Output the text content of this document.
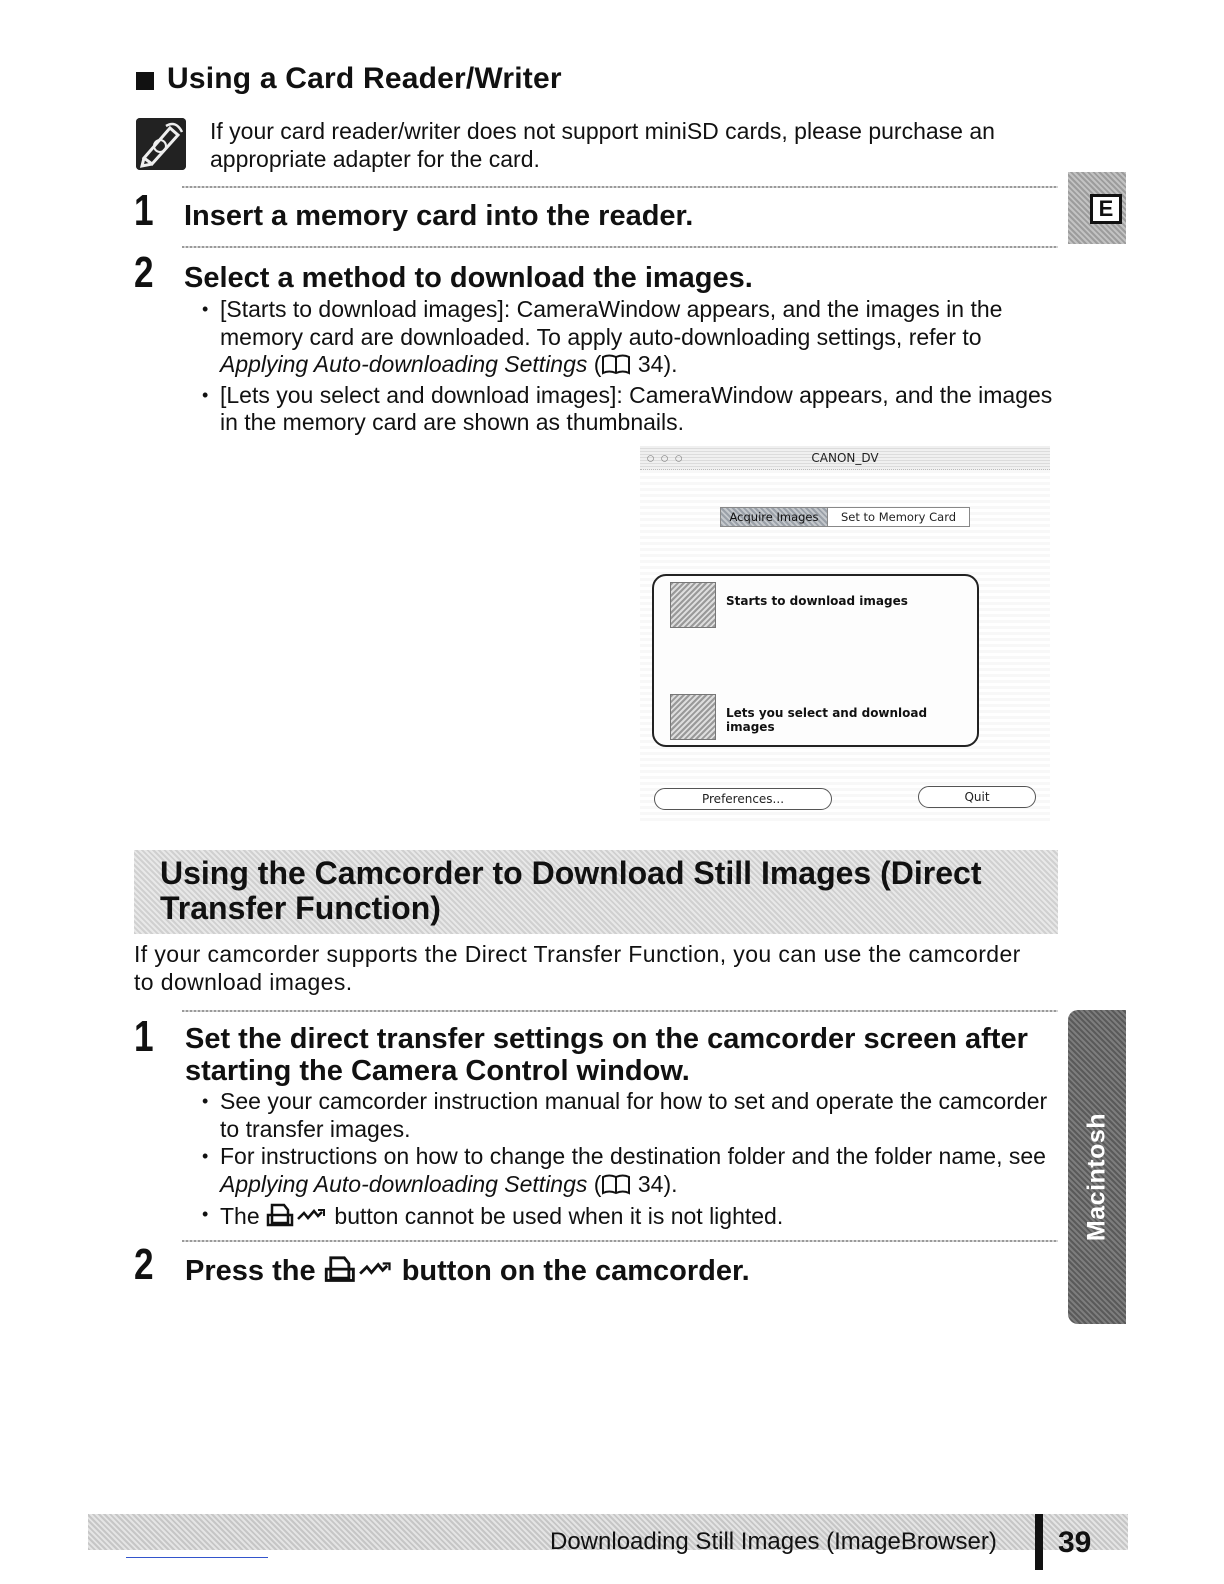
Using a Card Reader/Writer
If your card reader/writer does not support miniSD cards, please purchase an appropriate adapter for the card.
1 Insert a memory card into the reader.
2 Select a method to download the images.
• [Starts to download images]: CameraWindow appears, and the images in the memory card are downloaded. To apply auto-downloading settings, refer to Applying Auto-downloading Settings ( 34).
• [Lets you select and download images]: CameraWindow appears, and the images in the memory card are shown as thumbnails.
○○○	CANON_DV
Acquire Images	Set to Memory Card
Starts to download images
Lets you select and download images
Preferences...	Quit
Using the Camcorder to Download Still Images (Direct Transfer Function)
If your camcorder supports the Direct Transfer Function, you can use the camcorder to download images.
1 Set the direct transfer settings on the camcorder screen after starting the Camera Control window.
• See your camcorder instruction manual for how to set and operate the camcorder to transfer images.
• For instructions on how to change the destination folder and the folder name, see Applying Auto-downloading Settings ( 34).
• The	button cannot be used when it is not lighted.
2 Press the	button on the camcorder.
E
Macintosh
Downloading Still Images (ImageBrowser) 39
